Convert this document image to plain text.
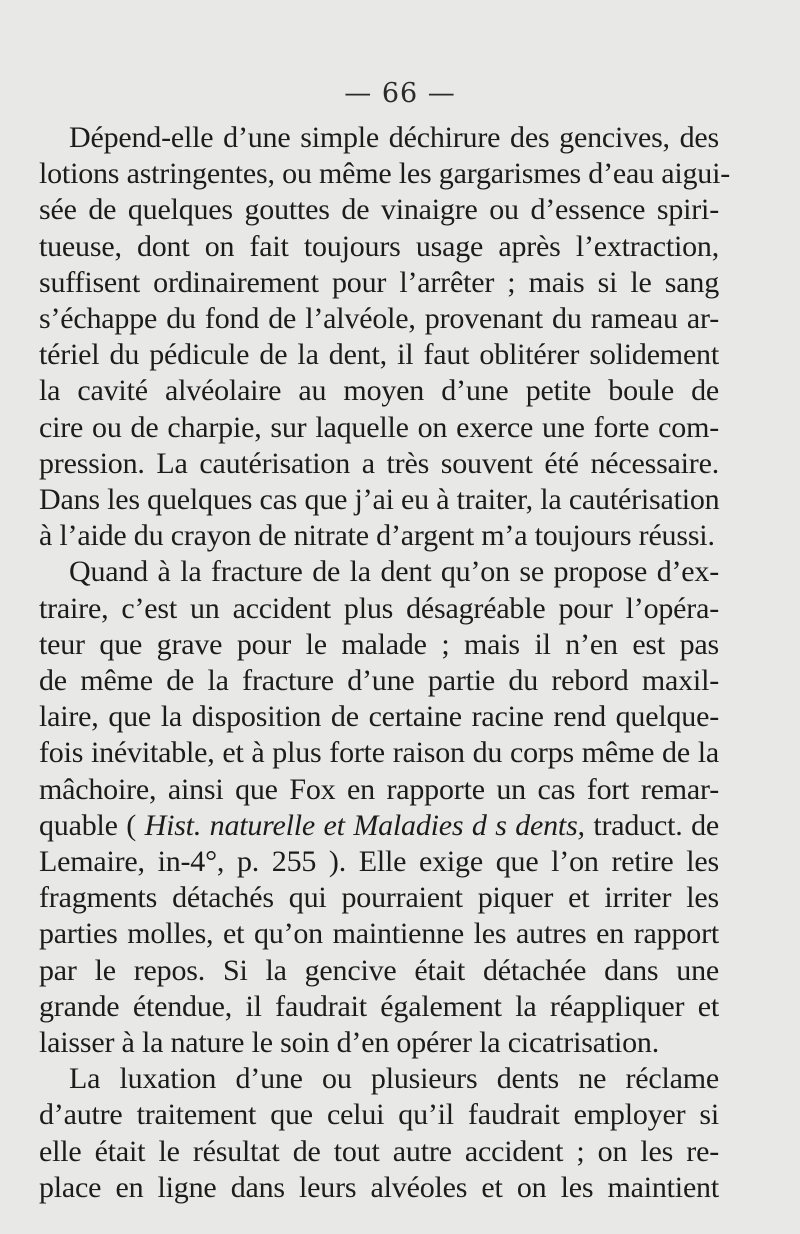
— 66 —

Dépend-elle d’une simple déchirure des gencives, des
lotions astringentes, ou même les gargarismes d’eau aigui-
sée de quelques gouttes de vinaigre ou d’essence spiri-
tueuse, dont on fait toujours usage après l’extraction,
suffisent ordinairement pour l’arrêter ; mais si le sang
s’échappe du fond de l’alvéole, provenant du rameau ar-
tériel du pédicule de la dent, il faut oblitérer solidement
la cavité alvéolaire au moyen d’une petite boule de
cire ou de charpie, sur laquelle on exerce une forte com-
pression. La cautérisation a très souvent été nécessaire.
Dans les quelques cas que j’ai eu à traiter, la cautérisation
à l’aide du crayon de nitrate d’argent m’a toujours réussi.

Quand à la fracture de la dent qu’on se propose d’ex-
traire, c’est un accident plus désagréable pour l’opéra-
teur que grave pour le malade ; mais il n’en est pas
de même de la fracture d’une partie du rebord maxil-
laire, que la disposition de certaine racine rend quelque-
fois inévitable, et à plus forte raison du corps même de la
mâchoire, ainsi que Fox en rapporte un cas fort remar-
quable ( Hist. naturelle et Maladies d s dents, traduct. de
Lemaire, in-4°, p. 255 ). Elle exige que l’on retire les
fragments détachés qui pourraient piquer et irriter les
parties molles, et qu’on maintienne les autres en rapport
par le repos. Si la gencive était détachée dans une
grande étendue, il faudrait également la réappliquer et
laisser à la nature le soin d’en opérer la cicatrisation.

La luxation d’une ou plusieurs dents ne réclame
d’autre traitement que celui qu’il faudrait employer si
elle était le résultat de tout autre accident ; on les re-
place en ligne dans leurs alvéoles et on les maintient
